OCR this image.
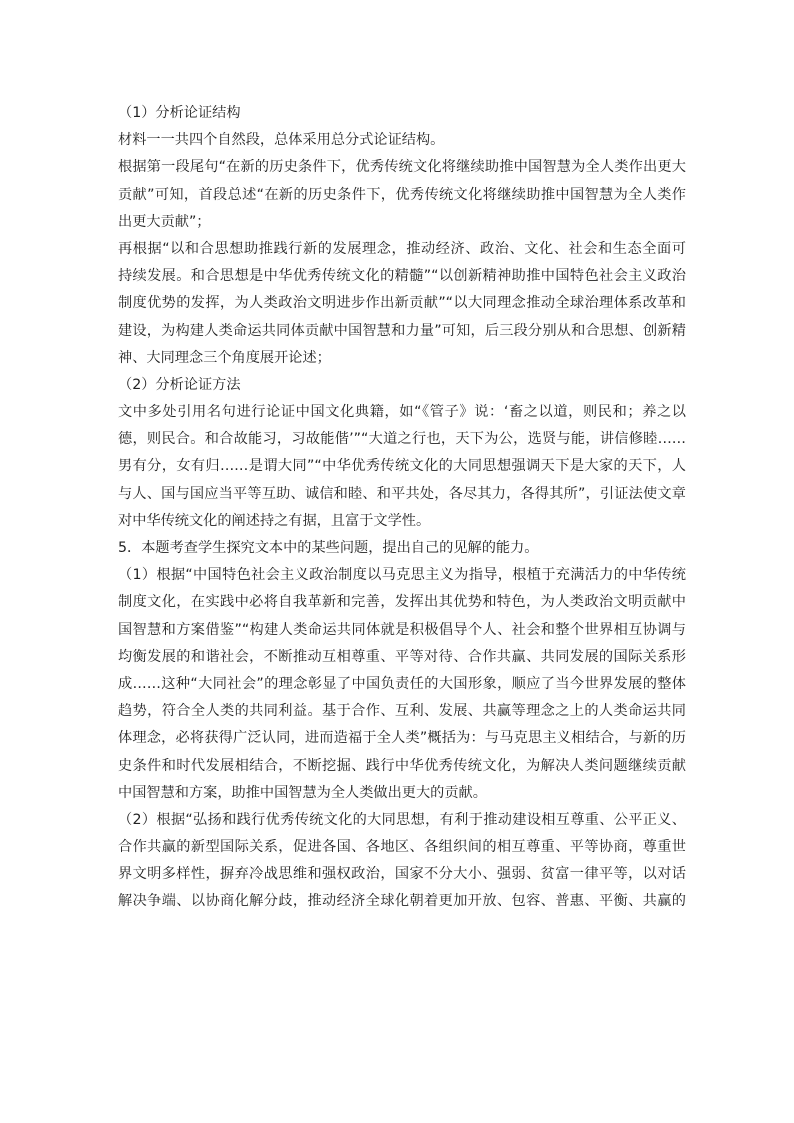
（1）分析论证结构
材料一一共四个自然段，总体采用总分式论证结构。
根据第一段尾句“在新的历史条件下，优秀传统文化将继续助推中国智慧为全人类作出更大
贡献”可知，首段总述“在新的历史条件下，优秀传统文化将继续助推中国智慧为全人类作
出更大贡献”；
再根据“以和合思想助推践行新的发展理念，推动经济、政治、文化、社会和生态全面可
持续发展。和合思想是中华优秀传统文化的精髓”“以创新精神助推中国特色社会主义政治
制度优势的发挥，为人类政治文明进步作出新贡献”“以大同理念推动全球治理体系改革和
建设，为构建人类命运共同体贡献中国智慧和力量”可知，后三段分别从和合思想、创新精
神、大同理念三个角度展开论述；
（2）分析论证方法
文中多处引用名句进行论证中国文化典籍，如“《管子》说：‘畜之以道，则民和；养之以
德，则民合。和合故能习，习故能偕’”“大道之行也，天下为公，选贤与能，讲信修睦……
男有分，女有归……是谓大同”“中华优秀传统文化的大同思想强调天下是大家的天下，人
与人、国与国应当平等互助、诚信和睦、和平共处，各尽其力，各得其所”，引证法使文章
对中华传统文化的阐述持之有据，且富于文学性。
5．本题考查学生探究文本中的某些问题，提出自己的见解的能力。
（1）根据“中国特色社会主义政治制度以马克思主义为指导，根植于充满活力的中华传统
制度文化，在实践中必将自我革新和完善，发挥出其优势和特色，为人类政治文明贡献中
国智慧和方案借鉴”“构建人类命运共同体就是积极倡导个人、社会和整个世界相互协调与
均衡发展的和谐社会，不断推动互相尊重、平等对待、合作共赢、共同发展的国际关系形
成……这种“大同社会”的理念彰显了中国负责任的大国形象，顺应了当今世界发展的整体
趋势，符合全人类的共同利益。基于合作、互利、发展、共赢等理念之上的人类命运共同
体理念，必将获得广泛认同，进而造福于全人类”概括为：与马克思主义相结合，与新的历
史条件和时代发展相结合，不断挖掘、践行中华优秀传统文化，为解决人类问题继续贡献
中国智慧和方案，助推中国智慧为全人类做出更大的贡献。
（2）根据“弘扬和践行优秀传统文化的大同思想，有利于推动建设相互尊重、公平正义、
合作共赢的新型国际关系，促进各国、各地区、各组织间的相互尊重、平等协商，尊重世
界文明多样性，摒弃冷战思维和强权政治，国家不分大小、强弱、贫富一律平等，以对话
解决争端、以协商化解分歧，推动经济全球化朝着更加开放、包容、普惠、平衡、共赢的
